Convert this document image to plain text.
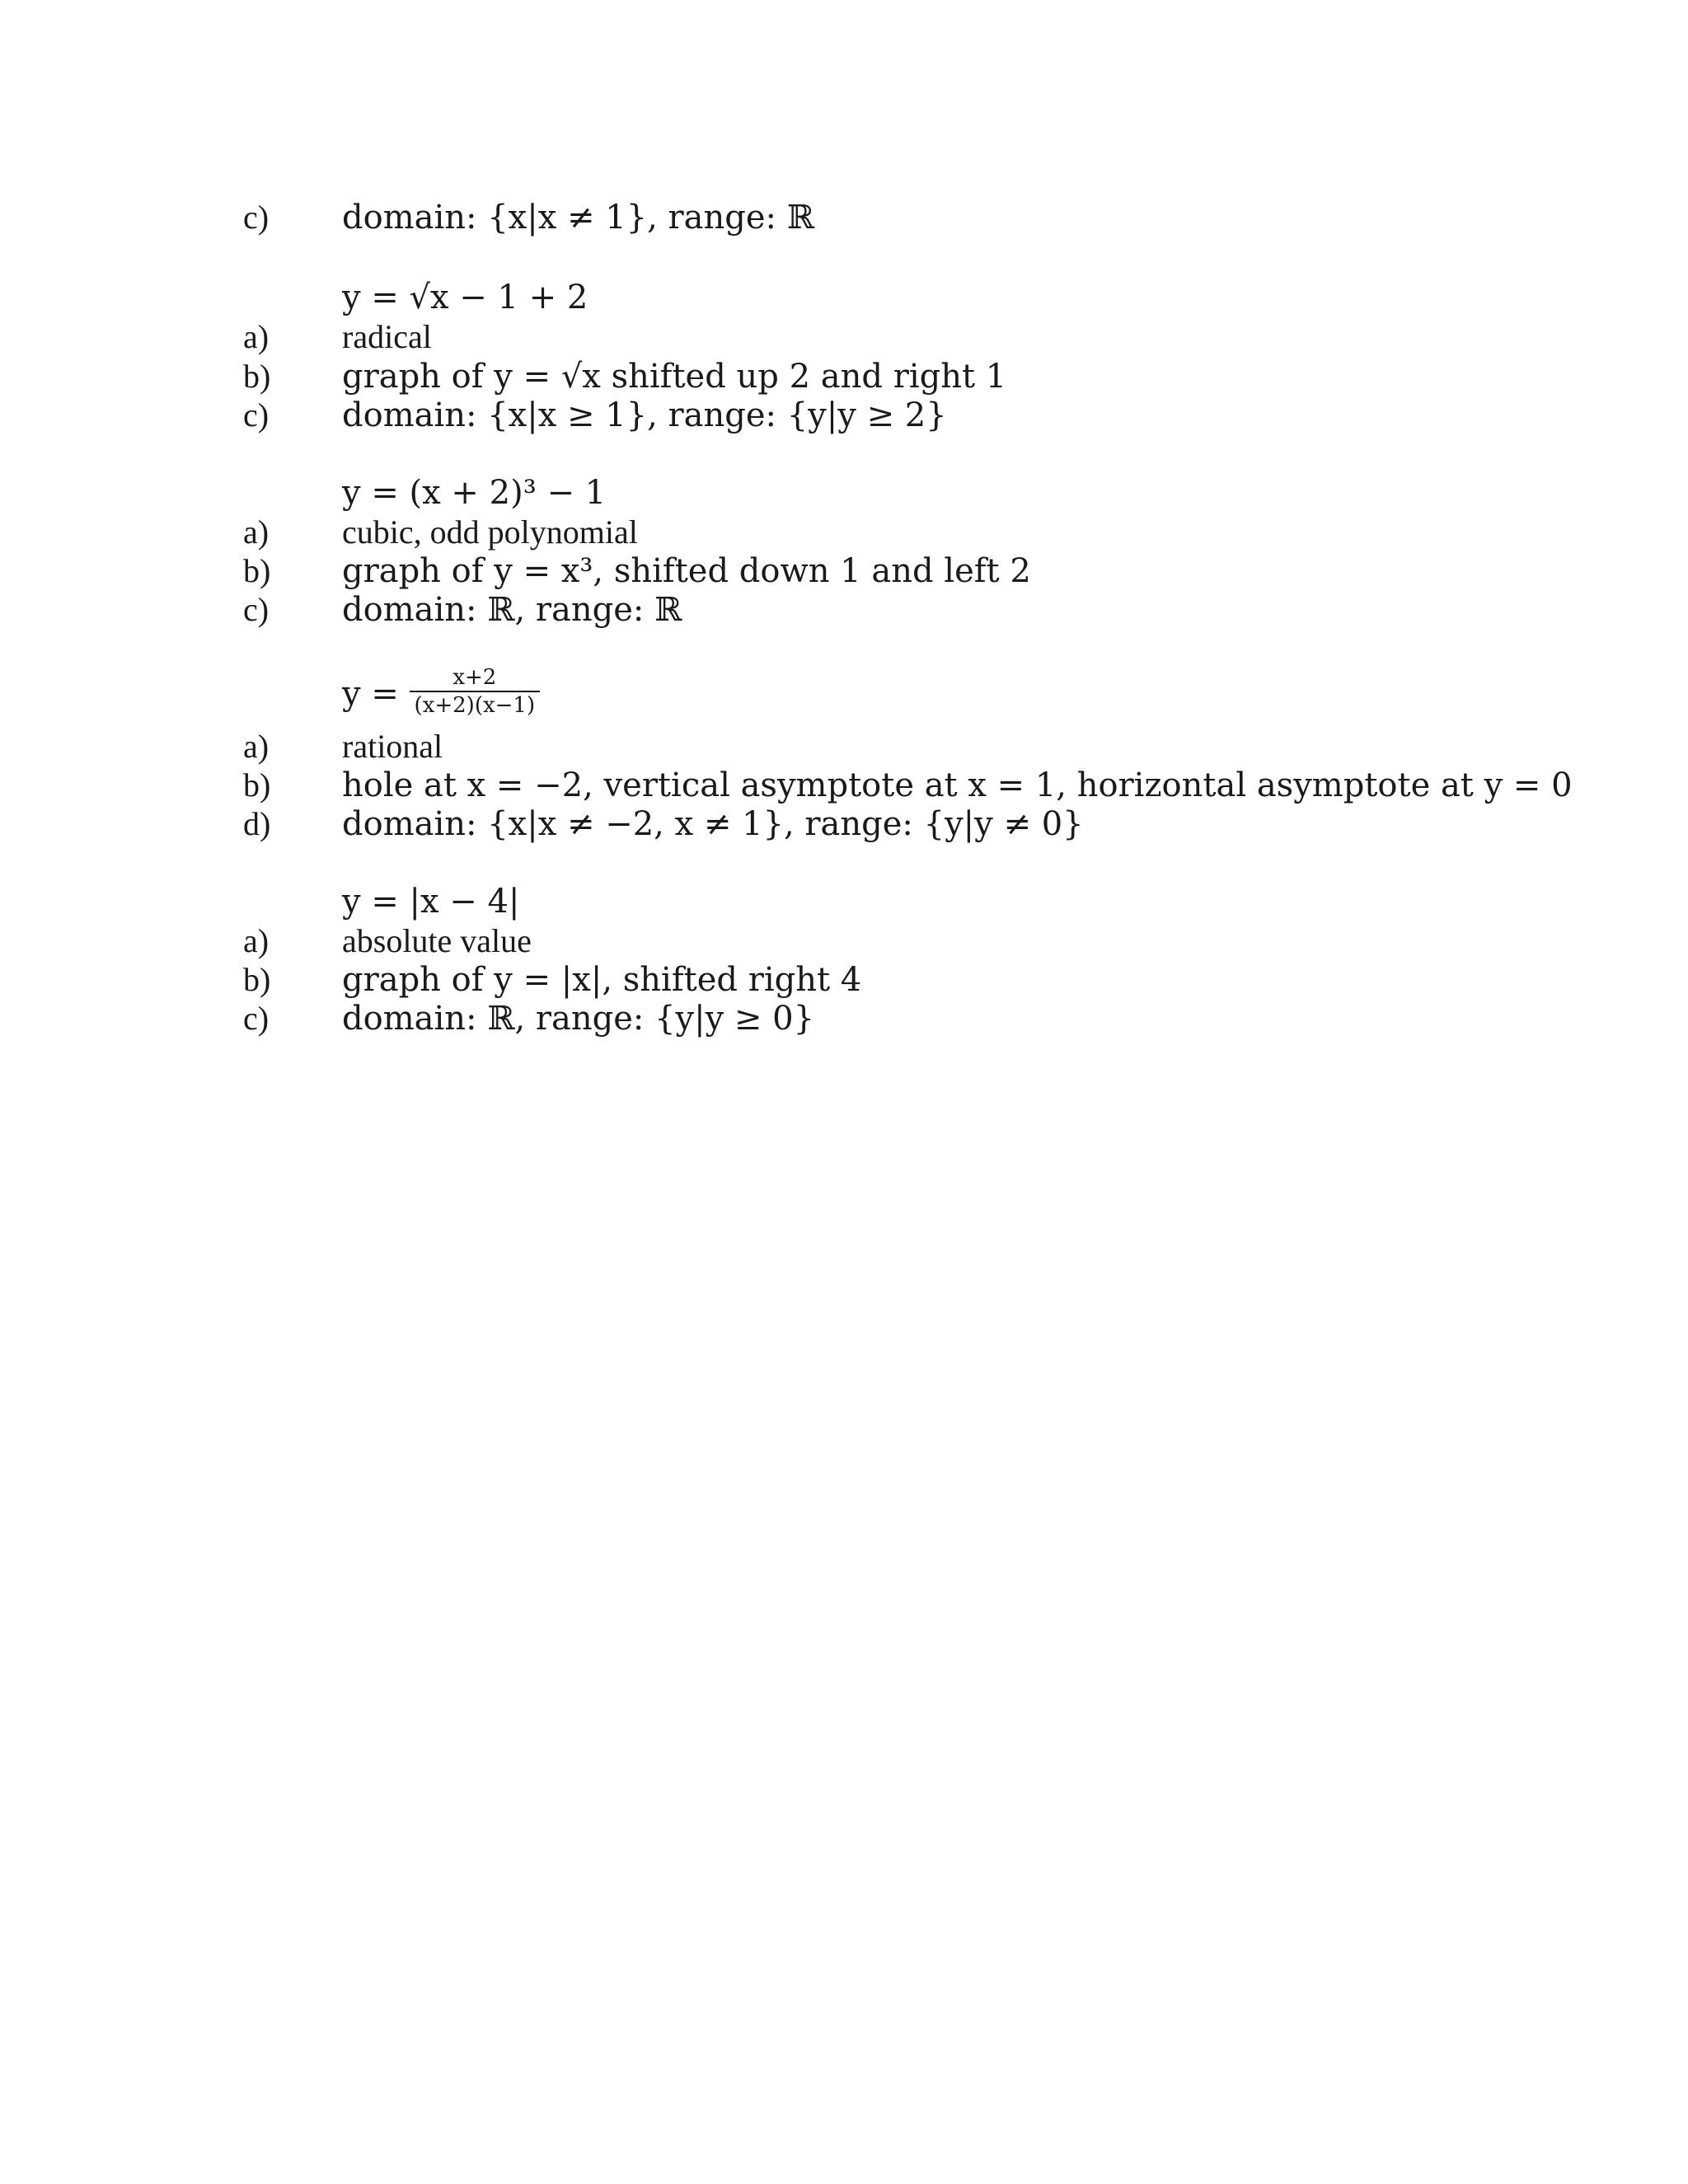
c) domain: {x|x ≠ 1}, range: ℝ
y = √x − 1 + 2
a) radical
b) graph of y = √x shifted up 2 and right 1
c) domain: {x|x ≥ 1}, range: {y|y ≥ 2}
y = (x + 2)³ − 1
a) cubic, odd polynomial
b) graph of y = x³, shifted down 1 and left 2
c) domain: ℝ, range: ℝ
$y = \frac{x+2}{(x+2)(x-1)}$
a) rational
b) hole at x = −2, vertical asymptote at x = 1, horizontal asymptote at y = 0
d) domain: {x|x ≠ −2, x ≠ 1}, range: {y|y ≠ 0}
y = |x − 4|
a) absolute value
b) graph of y = |x|, shifted right 4
c) domain: ℝ, range: {y|y ≥ 0}
